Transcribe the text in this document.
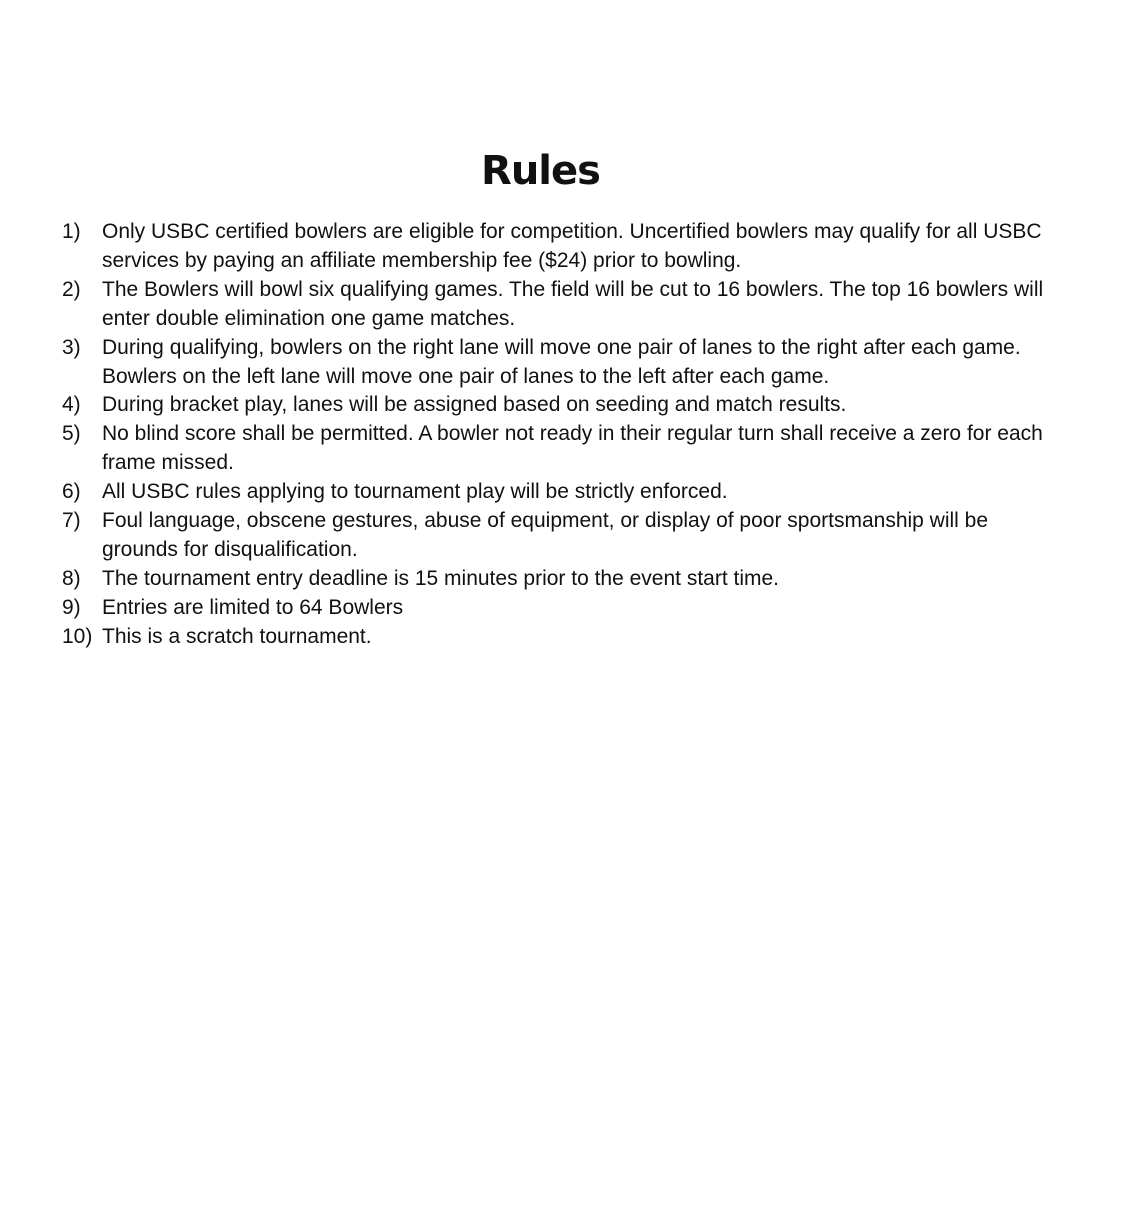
Rules
1)	Only USBC certified bowlers are eligible for competition. Uncertified bowlers may qualify for all USBC services by paying an affiliate membership fee ($24) prior to bowling.
2)	The Bowlers will bowl six qualifying games. The field will be cut to 16 bowlers. The top 16 bowlers will enter double elimination one game matches.
3)	During qualifying, bowlers on the right lane will move one pair of lanes to the right after each game. Bowlers on the left lane will move one pair of lanes to the left after each game.
4)	During bracket play, lanes will be assigned based on seeding and match results.
5)	No blind score shall be permitted. A bowler not ready in their regular turn shall receive a zero for each frame missed.
6)	All USBC rules applying to tournament play will be strictly enforced.
7)	Foul language, obscene gestures, abuse of equipment, or display of poor sportsmanship will be grounds for disqualification.
8)	The tournament entry deadline is 15 minutes prior to the event start time.
9)	Entries are limited to 64 Bowlers
10) This is a scratch tournament.
